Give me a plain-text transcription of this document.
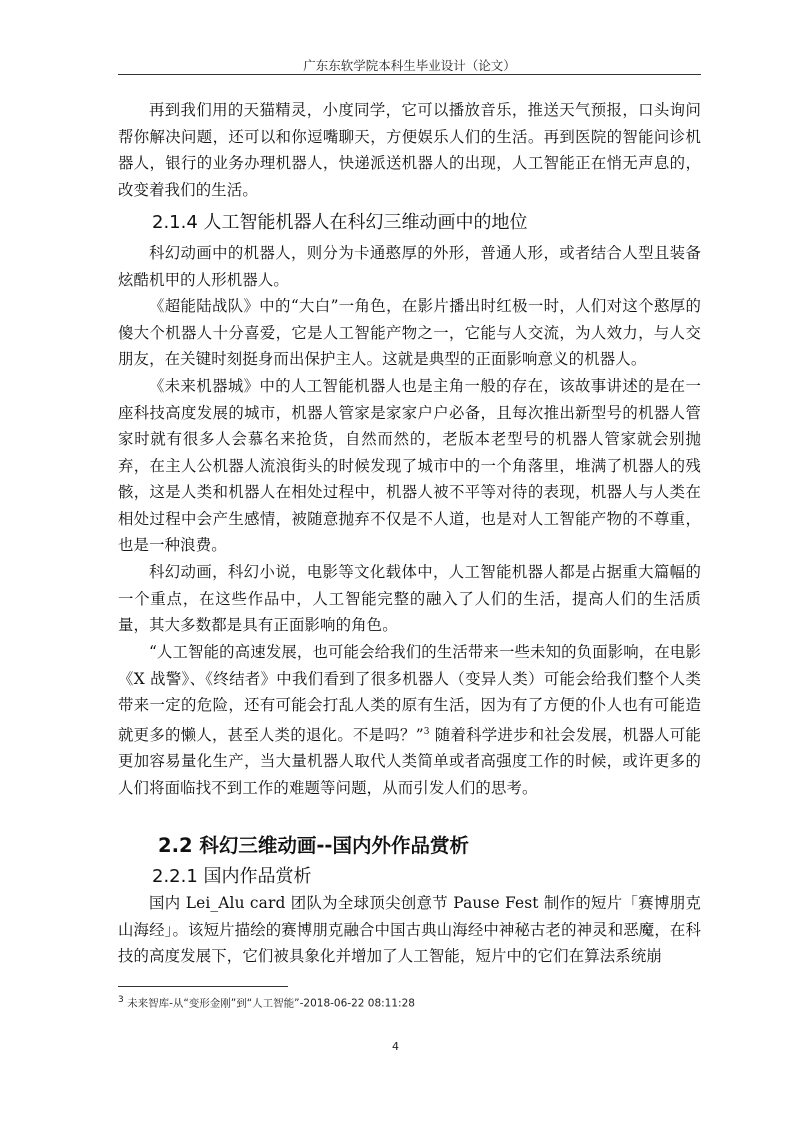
广东东软学院本科生毕业设计（论文）

再到我们用的天猫精灵，小度同学，它可以播放音乐，推送天气预报，口头询问帮你解决问题，还可以和你逗嘴聊天，方便娱乐人们的生活。再到医院的智能问诊机器人，银行的业务办理机器人，快递派送机器人的出现，人工智能正在悄无声息的，改变着我们的生活。

2.1.4 人工智能机器人在科幻三维动画中的地位

科幻动画中的机器人，则分为卡通憨厚的外形，普通人形，或者结合人型且装备炫酷机甲的人形机器人。

《超能陆战队》中的“大白”一角色，在影片播出时红极一时，人们对这个憨厚的傻大个机器人十分喜爱，它是人工智能产物之一，它能与人交流，为人效力，与人交朋友，在关键时刻挺身而出保护主人。这就是典型的正面影响意义的机器人。

《未来机器城》中的人工智能机器人也是主角一般的存在，该故事讲述的是在一座科技高度发展的城市，机器人管家是家家户户必备，且每次推出新型号的机器人管家时就有很多人会慕名来抢货，自然而然的，老版本老型号的机器人管家就会别抛弃，在主人公机器人流浪街头的时候发现了城市中的一个角落里，堆满了机器人的残骸，这是人类和机器人在相处过程中，机器人被不平等对待的表现，机器人与人类在相处过程中会产生感情，被随意抛弃不仅是不人道，也是对人工智能产物的不尊重，也是一种浪费。

科幻动画，科幻小说，电影等文化载体中，人工智能机器人都是占据重大篇幅的一个重点，在这些作品中，人工智能完整的融入了人们的生活，提高人们的生活质量，其大多数都是具有正面影响的角色。

“人工智能的高速发展，也可能会给我们的生活带来一些未知的负面影响，在电影《X 战警》、《终结者》中我们看到了很多机器人（变异人类）可能会给我们整个人类带来一定的危险，还有可能会打乱人类的原有生活，因为有了方便的仆人也有可能造就更多的懒人，甚至人类的退化。不是吗？”$^3$ 随着科学进步和社会发展，机器人可能更加容易量化生产，当大量机器人取代人类简单或者高强度工作的时候，或许更多的人们将面临找不到工作的难题等问题，从而引发人们的思考。

2.2 科幻三维动画--国内外作品赏析
2.2.1 国内作品赏析

国内 Lei_Alu card 团队为全球顶尖创意节 Pause Fest 制作的短片「赛博朋克山海经」。该短片描绘的赛博朋克融合中国古典山海经中神秘古老的神灵和恶魔，在科技的高度发展下，它们被具象化并增加了人工智能，短片中的它们在算法系统崩

$^3$ 未来智库-从“变形金刚”到“人工智能”-2018-06-22 08:11:28
4
